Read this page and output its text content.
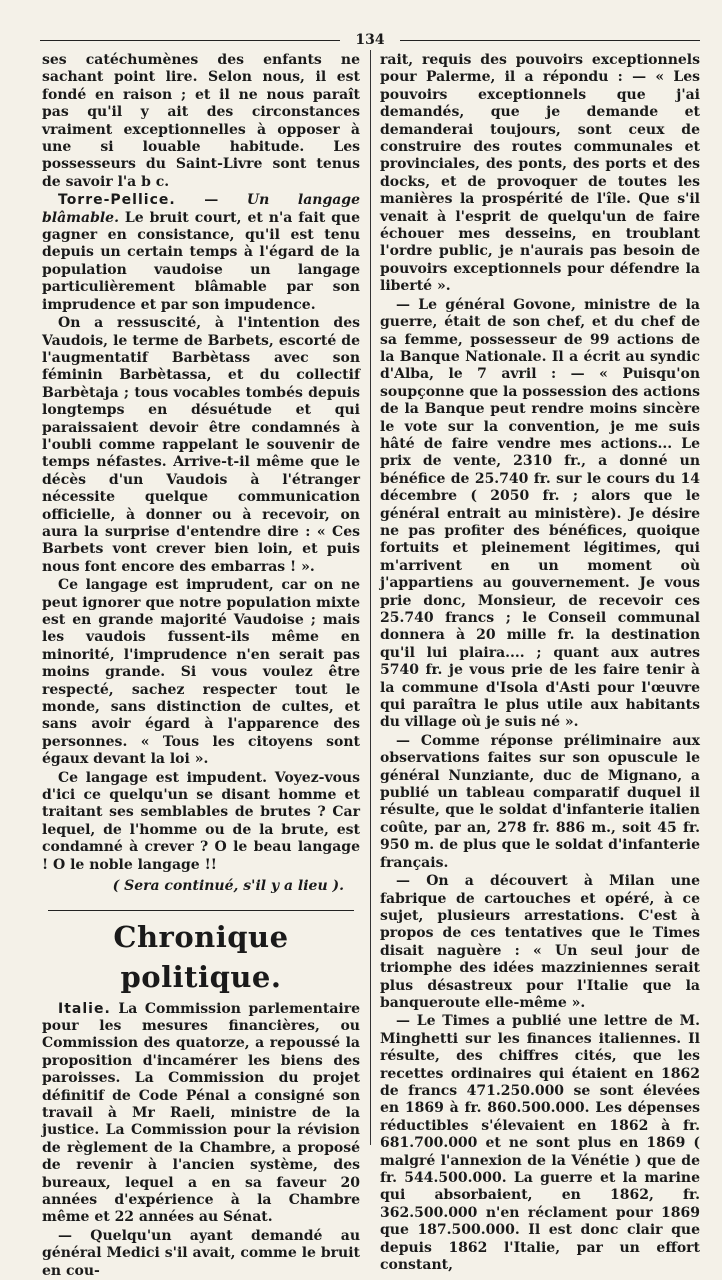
134

ses catéchumènes des enfants ne sachant point lire. Selon nous, il est fondé en raison ; et il ne nous paraît pas qu'il y ait des circonstances vraiment exceptionnelles à opposer à une si louable habitude. Les possesseurs du Saint-Livre sont tenus de savoir l'a b c.

Torre-Pellice. — Un langage blâmable. Le bruit court, et n'a fait que gagner en consistance, qu'il est tenu depuis un certain temps à l'égard de la population vaudoise un langage particulièrement blâmable par son imprudence et par son impudence.

On a ressuscité, à l'intention des Vaudois, le terme de Barbets, escorté de l'augmentatif Barbètass avec son féminin Barbètassa, et du collectif Barbètaja ; tous vocables tombés depuis longtemps en désuétude et qui paraissaient devoir être condamnés à l'oubli comme rappelant le souvenir de temps néfastes. Arrive-t-il même que le décès d'un Vaudois à l'étranger nécessite quelque communication officielle, à donner ou à recevoir, on aura la surprise d'entendre dire : « Ces Barbets vont crever bien loin, et puis nous font encore des embarras ! ».

Ce langage est imprudent, car on ne peut ignorer que notre population mixte est en grande majorité Vaudoise ; mais les vaudois fussent-ils même en minorité, l'imprudence n'en serait pas moins grande. Si vous voulez être respecté, sachez respecter tout le monde, sans distinction de cultes, et sans avoir égard à l'apparence des personnes. « Tous les citoyens sont égaux devant la loi ».

Ce langage est impudent. Voyez-vous d'ici ce quelqu'un se disant homme et traitant ses semblables de brutes ? Car lequel, de l'homme ou de la brute, est condamné à crever ? O le beau langage ! O le noble langage !!

( Sera continué, s'il y a lieu ).

Chronique politique.

Italie. La Commission parlementaire pour les mesures financières, ou Commission des quatorze, a repoussé la proposition d'incamérer les biens des paroisses. La Commission du projet définitif de Code Pénal a consigné son travail à Mr Raeli, ministre de la justice. La Commission pour la révision de règlement de la Chambre, a proposé de revenir à l'ancien système, des bureaux, lequel a en sa faveur 20 années d'expérience à la Chambre même et 22 années au Sénat.

— Quelqu'un ayant demandé au général Medici s'il avait, comme le bruit en cou-

rait, requis des pouvoirs exceptionnels pour Palerme, il a répondu : — « Les pouvoirs exceptionnels que j'ai demandés, que je demande et demanderai toujours, sont ceux de construire des routes communales et provinciales, des ponts, des ports et des docks, et de provoquer de toutes les manières la prospérité de l'île. Que s'il venait à l'esprit de quelqu'un de faire échouer mes desseins, en troublant l'ordre public, je n'aurais pas besoin de pouvoirs exceptionnels pour défendre la liberté ».

— Le général Govone, ministre de la guerre, était de son chef, et du chef de sa femme, possesseur de 99 actions de la Banque Nationale. Il a écrit au syndic d'Alba, le 7 avril : — « Puisqu'on soupçonne que la possession des actions de la Banque peut rendre moins sincère le vote sur la convention, je me suis hâté de faire vendre mes actions... Le prix de vente, 2310 fr., a donné un bénéfice de 25.740 fr. sur le cours du 14 décembre ( 2050 fr. ; alors que le général entrait au ministère). Je désire ne pas profiter des bénéfices, quoique fortuits et pleinement légitimes, qui m'arrivent en un moment où j'appartiens au gouvernement. Je vous prie donc, Monsieur, de recevoir ces 25.740 francs ; le Conseil communal donnera à 20 mille fr. la destination qu'il lui plaira.... ; quant aux autres 5740 fr. je vous prie de les faire tenir à la commune d'Isola d'Asti pour l'œuvre qui paraîtra le plus utile aux habitants du village où je suis né ».

— Comme réponse préliminaire aux observations faites sur son opuscule le général Nunziante, duc de Mignano, a publié un tableau comparatif duquel il résulte, que le soldat d'infanterie italien coûte, par an, 278 fr. 886 m., soit 45 fr. 950 m. de plus que le soldat d'infanterie français.

— On a découvert à Milan une fabrique de cartouches et opéré, à ce sujet, plusieurs arrestations. C'est à propos de ces tentatives que le Times disait naguère : « Un seul jour de triomphe des idées mazziniennes serait plus désastreux pour l'Italie que la banqueroute elle-même ».

— Le Times a publié une lettre de M. Minghetti sur les finances italiennes. Il résulte, des chiffres cités, que les recettes ordinaires qui étaient en 1862 de francs 471.250.000 se sont élevées en 1869 à fr. 860.500.000. Les dépenses réductibles s'élevaient en 1862 à fr. 681.700.000 et ne sont plus en 1869 ( malgré l'annexion de la Vénétie ) que de fr. 544.500.000. La guerre et la marine qui absorbaient, en 1862, fr. 362.500.000 n'en réclament pour 1869 que 187.500.000. Il est donc clair que depuis 1862 l'Italie, par un effort constant,
